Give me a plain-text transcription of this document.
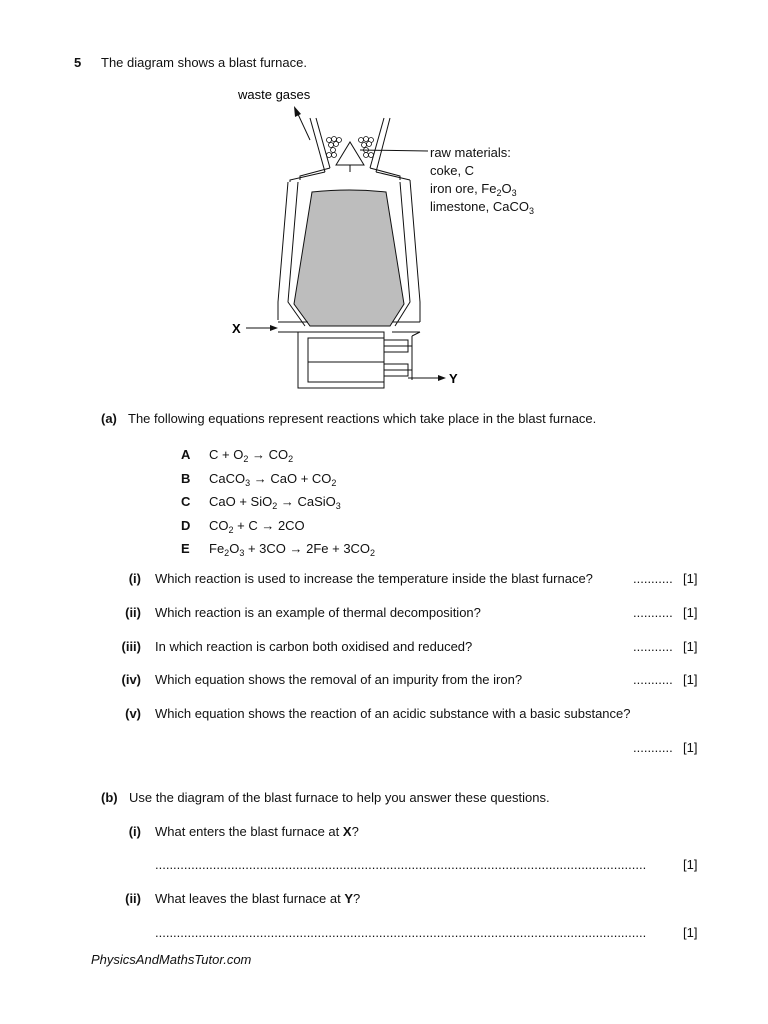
5 The diagram shows a blast furnace.
waste gases
X
Y
raw materials:
coke, C
iron ore, $Fe_2O_3$
limestone, CaCO$_3$
(a) The following equations represent reactions which take place in the blast furnace.
A $C + O_2 \to CO_2$
B CaCO$_3$ → CaO + $CO_2$
C CaO + SiO$_2$ → CaSiO$_3$
D $CO_2 + C \to 2CO$
E $Fe_2O_3 + 3CO \to 2Fe + 3CO_2$
(i) Which reaction is used to increase the temperature inside the blast furnace?	........... [1]
(ii) Which reaction is an example of thermal decomposition?	........... [1]
(iii) In which reaction is carbon both oxidised and reduced?	........... [1]
(iv) Which equation shows the removal of an impurity from the iron?	........... [1]
(v) Which equation shows the reaction of an acidic substance with a basic substance?
........... [1]
(b) Use the diagram of the blast furnace to help you answer these questions.
(i) What enters the blast furnace at X?
........................................................................................................................................	[1]
(ii) What leaves the blast furnace at Y?
........................................................................................................................................	[1]
PhysicsAndMathsTutor.com
